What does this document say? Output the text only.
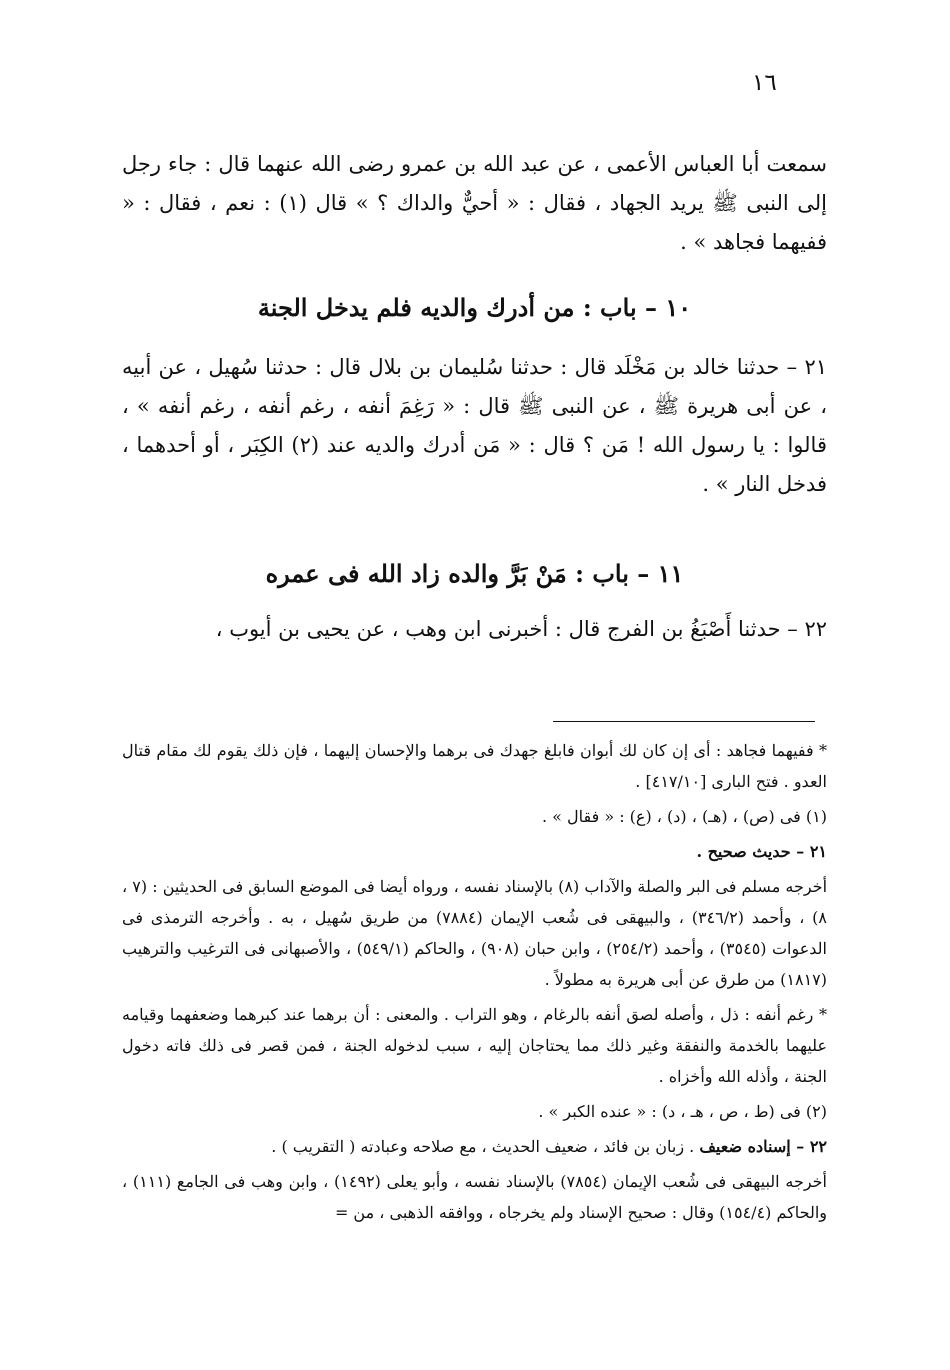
١٦

سمعت أبا العباس الأعمى ، عن عبد الله بن عمرو رضى الله عنهما قال : جاء رجل إلى النبى ﷺ يريد الجهاد ، فقال : « أحيٌّ والداك ؟ » قال (١) : نعم ، فقال : « ففيهما فجاهد » .

١٠ – باب : من أدرك والديه فلم يدخل الجنة

٢١ – حدثنا خالد بن مَخْلَد قال : حدثنا سُليمان بن بلال قال : حدثنا سُهيل ، عن أبيه ، عن أبى هريرة ﷺ ، عن النبى ﷺ قال : « رَغِمَ أنفه ، رغم أنفه ، رغم أنفه » ، قالوا : يا رسول الله ! مَن ؟ قال : « مَن أدرك والديه عند (٢) الكِبَر ، أو أحدهما ، فدخل النار » .

١١ – باب : مَنْ بَرَّ والده زاد الله فى عمره

٢٢ – حدثنا أَصْبَغُ بن الفرج قال : أخبرنى ابن وهب ، عن يحيى بن أيوب ،

* ففيهما فجاهد : أى إن كان لك أبوان فابلغ جهدك فى برهما والإحسان إليهما ، فإن ذلك يقوم لك مقام قتال العدو . فتح البارى [٤١٧/١٠] .

(١) فى (ص) ، (هـ) ، (د) ، (ع) : « فقال » .

٢١ – حديث صحيح .

أخرجه مسلم فى البر والصلة والآداب (٨) بالإسناد نفسه ، ورواه أيضا فى الموضع السابق فى الحديثين : (٧ ، ٨) ، وأحمد (٣٤٦/٢) ، والبيهقى فى شُعب الإيمان (٧٨٨٤) من طريق سُهيل ، به . وأخرجه الترمذى فى الدعوات (٣٥٤٥) ، وأحمد (٢٥٤/٢) ، وابن حبان (٩٠٨) ، والحاكم (٥٤٩/١) ، والأصبهانى فى الترغيب والترهيب (١٨١٧) من طرق عن أبى هريرة به مطولاً .

* رغم أنفه : ذل ، وأصله لصق أنفه بالرغام ، وهو التراب . والمعنى : أن برهما عند كبرهما وضعفهما وقيامه عليهما بالخدمة والنفقة وغير ذلك مما يحتاجان إليه ، سبب لدخوله الجنة ، فمن قصر فى ذلك فاته دخول الجنة ، وأذله الله وأخزاه .

(٢) فى (ط ، ص ، هـ ، د) : « عنده الكبر » .

٢٢ – إسناده ضعيف . زبان بن فائد ، ضعيف الحديث ، مع صلاحه وعبادته ( التقريب ) .

أخرجه البيهقى فى شُعب الإيمان (٧٨٥٤) بالإسناد نفسه ، وأبو يعلى (١٤٩٢) ، وابن وهب فى الجامع (١١١) ، والحاكم (١٥٤/٤) وقال : صحيح الإسناد ولم يخرجاه ، ووافقه الذهبى ، من =
